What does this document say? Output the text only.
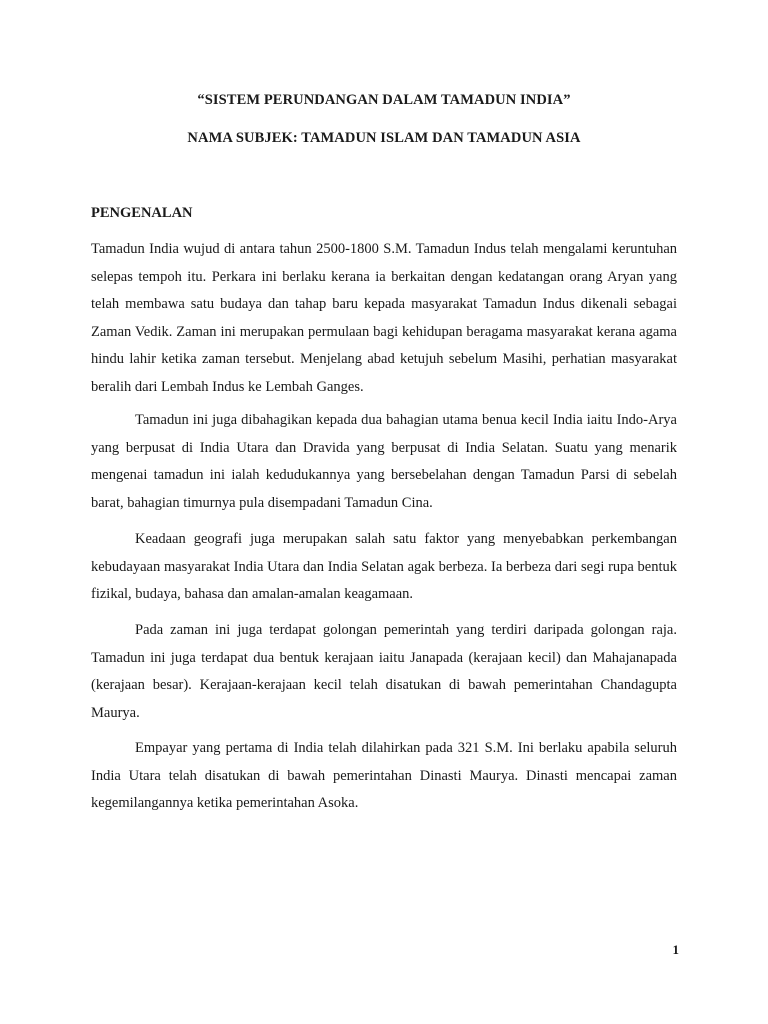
“SISTEM PERUNDANGAN DALAM TAMADUN INDIA”
NAMA SUBJEK: TAMADUN ISLAM DAN TAMADUN ASIA
PENGENALAN

Tamadun India wujud di antara tahun 2500-1800 S.M. Tamadun Indus telah mengalami keruntuhan selepas tempoh itu. Perkara ini berlaku kerana ia berkaitan dengan kedatangan orang Aryan yang telah membawa satu budaya dan tahap baru kepada masyarakat Tamadun Indus dikenali sebagai Zaman Vedik. Zaman ini merupakan permulaan bagi kehidupan beragama masyarakat kerana agama hindu lahir ketika zaman tersebut. Menjelang abad ketujuh sebelum Masihi, perhatian masyarakat beralih dari Lembah Indus ke Lembah Ganges.

Tamadun ini juga dibahagikan kepada dua bahagian utama benua kecil India iaitu Indo-Arya yang berpusat di India Utara dan Dravida yang berpusat di India Selatan. Suatu yang menarik mengenai tamadun ini ialah kedudukannya yang bersebelahan dengan Tamadun Parsi di sebelah barat, bahagian timurnya pula disempadani Tamadun Cina.

Keadaan geografi juga merupakan salah satu faktor yang menyebabkan perkembangan kebudayaan masyarakat India Utara dan India Selatan agak berbeza. Ia berbeza dari segi rupa bentuk fizikal, budaya, bahasa dan amalan-amalan keagamaan.

Pada zaman ini juga terdapat golongan pemerintah yang terdiri daripada golongan raja. Tamadun ini juga terdapat dua bentuk kerajaan iaitu Janapada (kerajaan kecil) dan Mahajanapada (kerajaan besar). Kerajaan-kerajaan kecil telah disatukan di bawah pemerintahan Chandagupta Maurya.

Empayar yang pertama di India telah dilahirkan pada 321 S.M. Ini berlaku apabila seluruh India Utara telah disatukan di bawah pemerintahan Dinasti Maurya. Dinasti mencapai zaman kegemilangannya ketika pemerintahan Asoka.

1
